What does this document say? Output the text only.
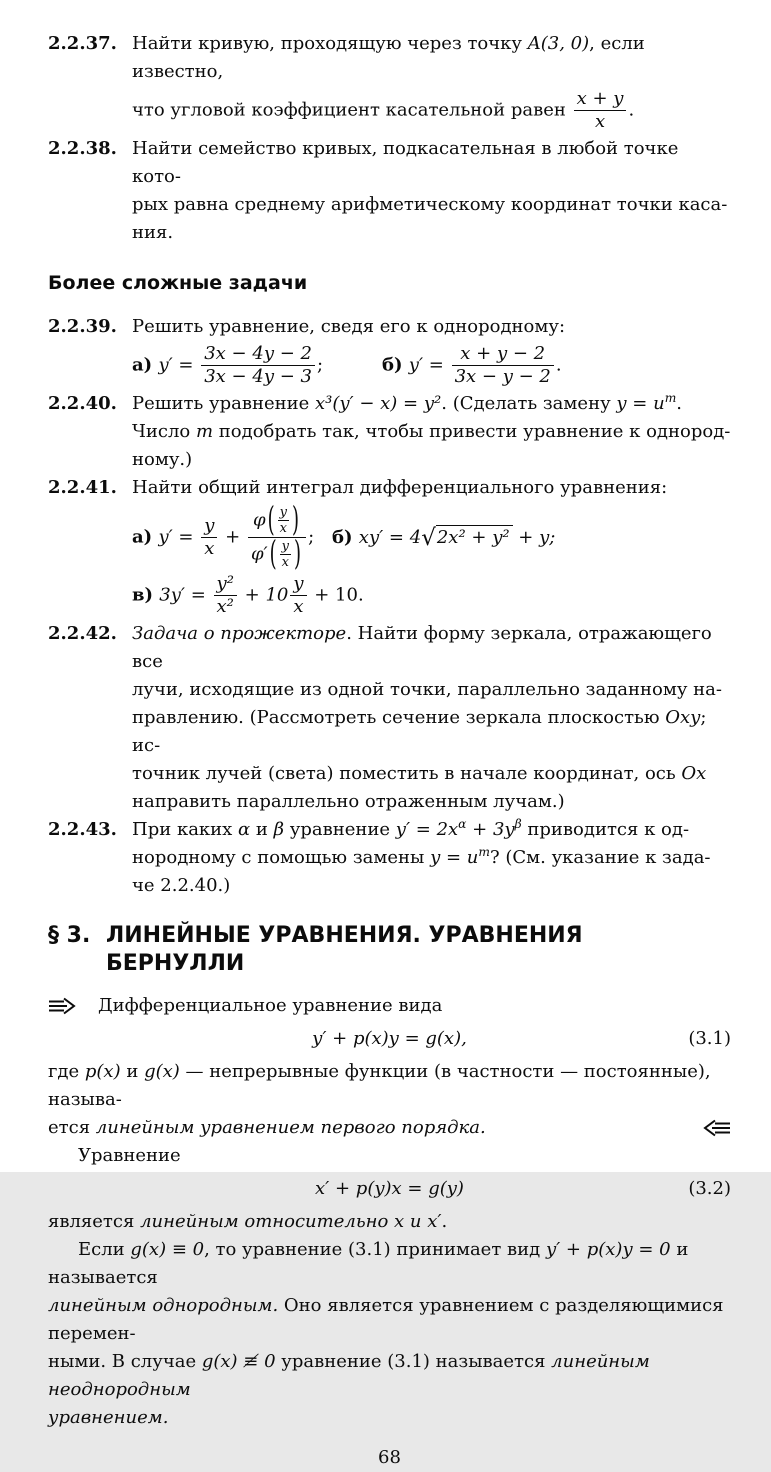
2.2.37. Найти кривую, проходящую через точку A(3, 0), если известно,
что угловой коэффициент касательной равен $\frac{x + y}{x}$ .
2.2.38. Найти семейство кривых, подкасательная в любой точке кото-
рых равна среднему арифметическому координат точки каса-
ния.
Более сложные задачи
2.2.39. Решить уравнение, сведя его к однородному:
а) $y' = \frac{3x - 4y - 2}{3x - 4y - 3}$ ;	б) $y' = \frac{x + y - 2}{3x - y - 2}$ .
2.2.40. Решить уравнение x³(y′ − x) = y². (Сделать замену $y = u^m$.
Число m подобрать так, чтобы привести уравнение к однород-
ному.)
2.2.41. Найти общий интеграл дифференциального уравнения:
а) $y' = \frac{y}{x} + \frac{\varphi ( \frac{y}{x} )}{\varphi' ( \frac{y}{x} )}$ ; б) xy′ = 4√2x² + y² + y;
в) $3y' = \frac{\text{y²}}{\text{x²}} + 10 \frac{y}{x} + 10$.
2.2.42. Задача о прожекторе. Найти форму зеркала, отражающего все
лучи, исходящие из одной точки, параллельно заданному на-
правлению. (Рассмотреть сечение зеркала плоскостью Oxy; ис-
точник лучей (света) поместить в начале координат, ось Ox
направить параллельно отраженным лучам.)
2.2.43. При каких α и β уравнение $y' = 2x^\alpha + 3y^\beta$ приводится к од-
нородному с помощью замены $y = u^m$? (См. указание к зада-
че 2.2.40.)
§ 3. ЛИНЕЙНЫЕ УРАВНЕНИЯ. УРАВНЕНИЯ
БЕРНУЛЛИ
Дифференциальное уравнение вида
y′ + p(x)y = g(x),	(3.1)
где p(x) и g(x) — непрерывные функции (в частности — постоянные), называ-
ется линейным уравнением первого порядка.
Уравнение
x′ + p(y)x = g(y)	(3.2)
является линейным относительно x и x′.
Если g(x) ≡ 0, то уравнение (3.1) принимает вид y′ + p(x)y = 0 и называется
линейным однородным. Оно является уравнением с разделяющимися перемен-
ными. В случае g(x) ≢ 0 уравнение (3.1) называется линейным неоднородным
уравнением.
68
